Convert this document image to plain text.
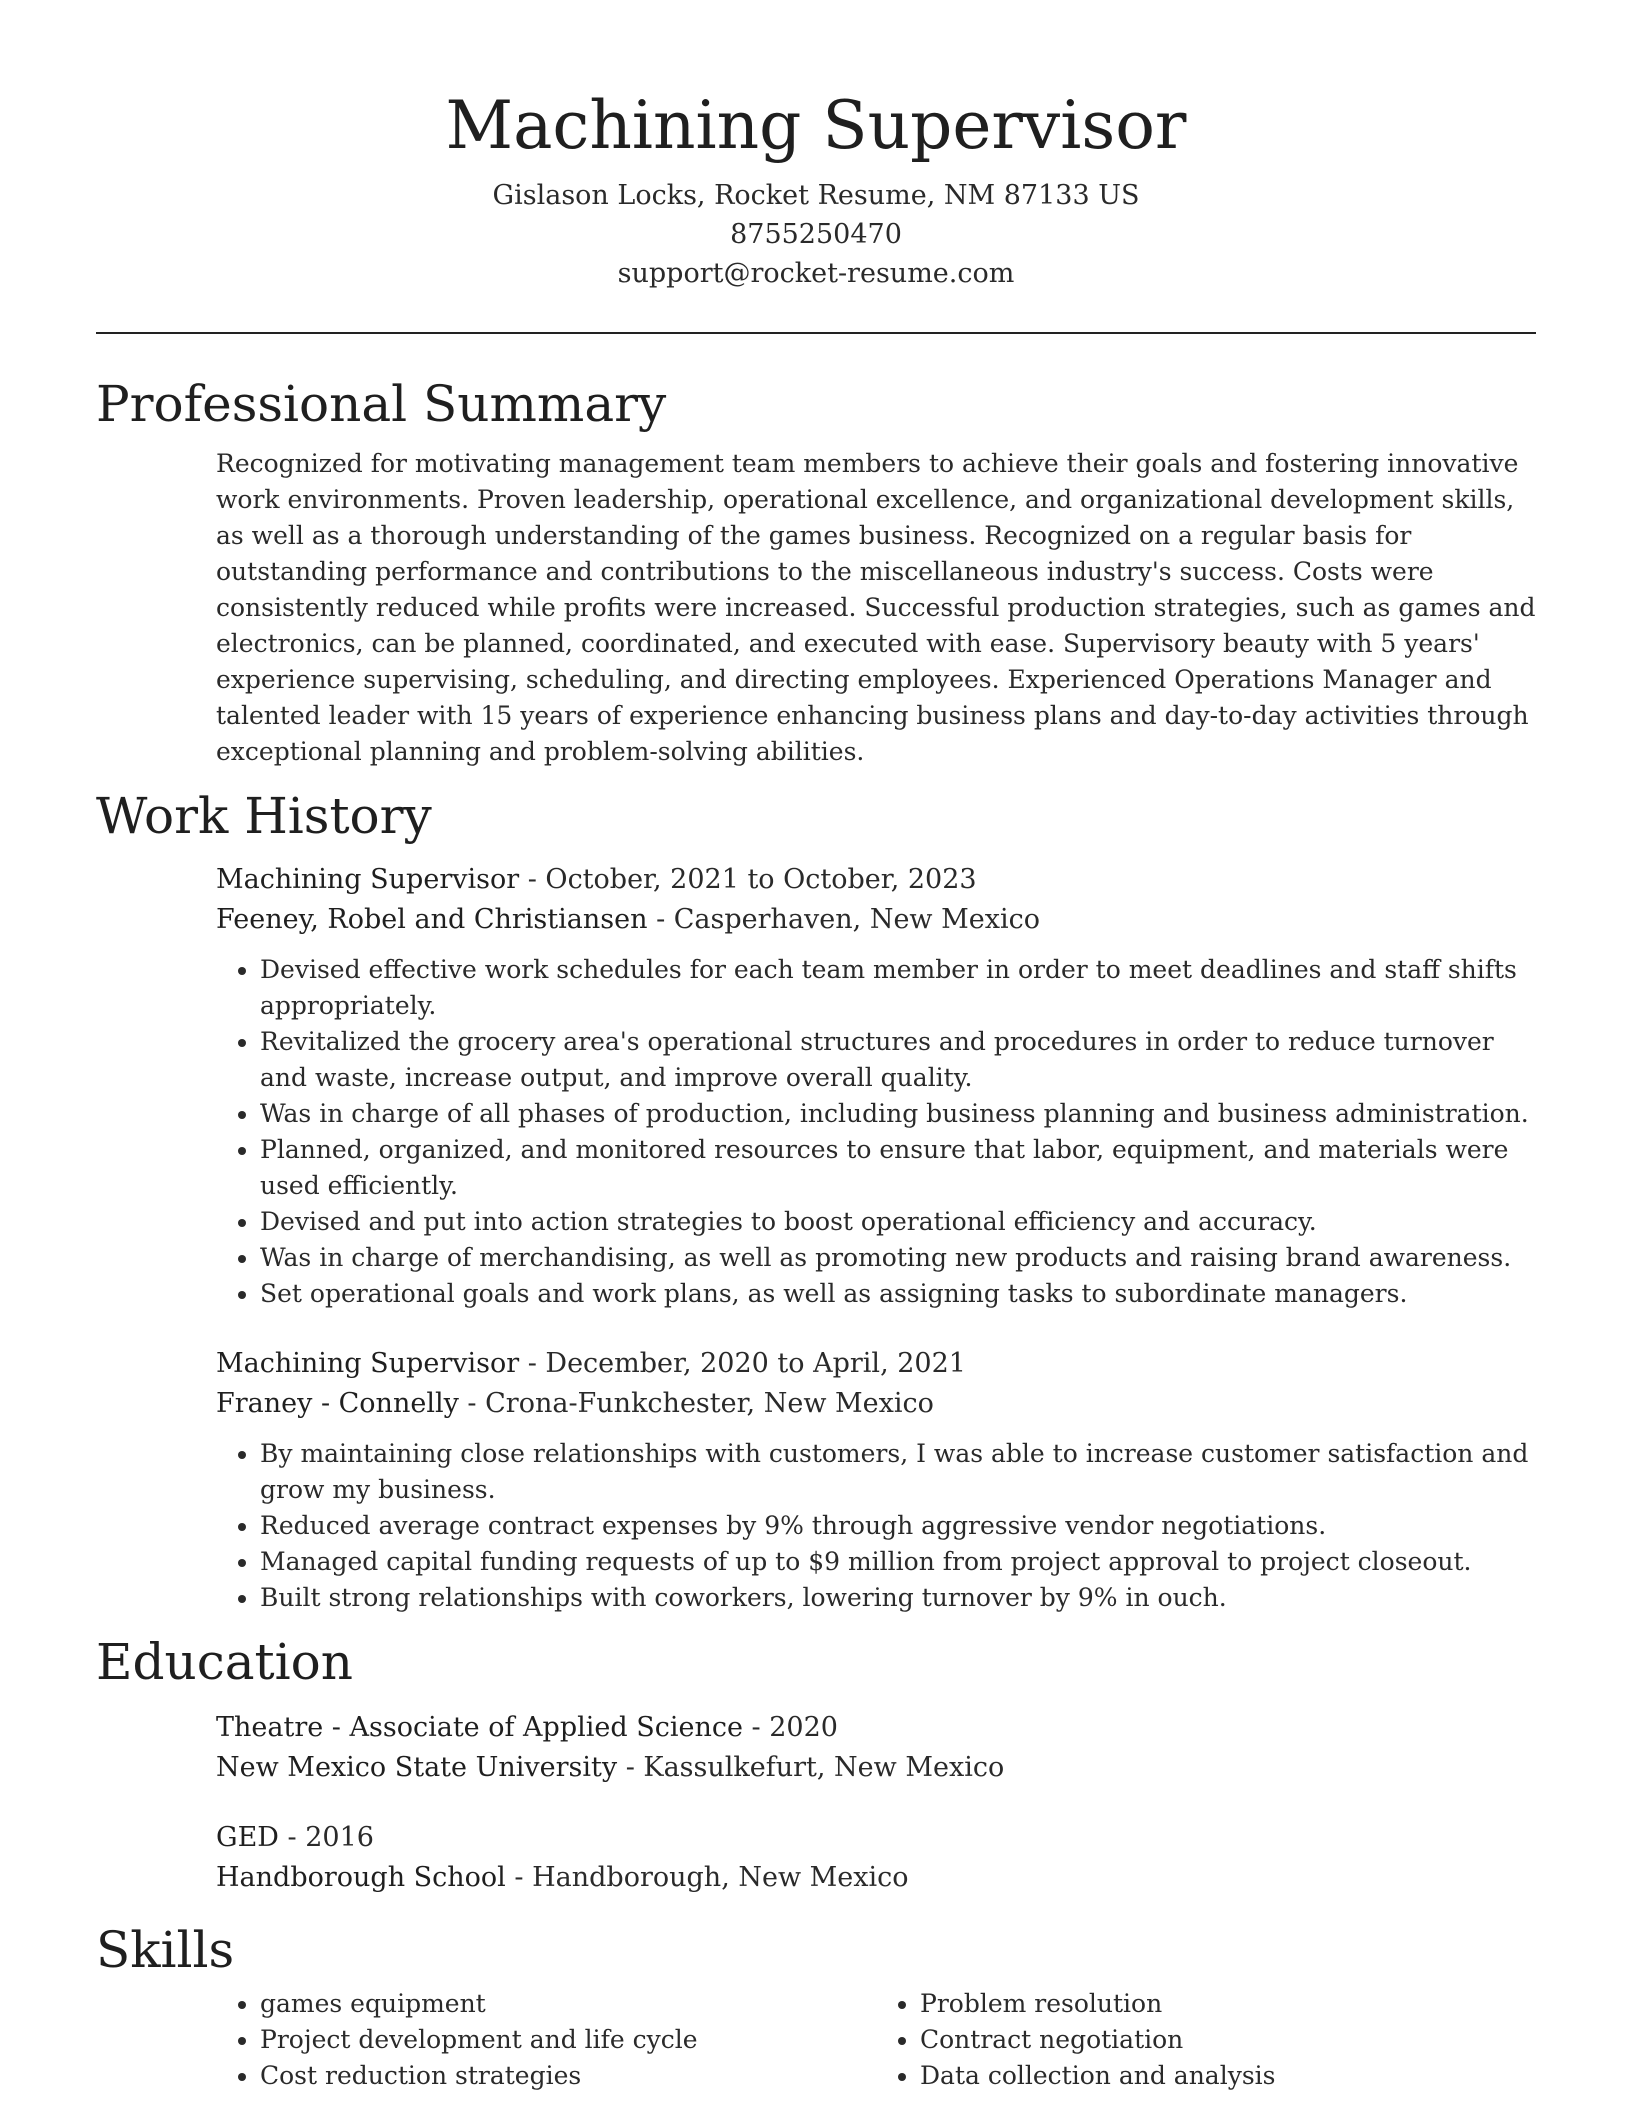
Machining Supervisor
Gislason Locks, Rocket Resume, NM 87133 US
8755250470
support@rocket-resume.com
Professional Summary

Recognized for motivating management team members to achieve their goals and fostering innovative work environments. Proven leadership, operational excellence, and organizational development skills, as well as a thorough understanding of the games business. Recognized on a regular basis for outstanding performance and contributions to the miscellaneous industry's success. Costs were consistently reduced while profits were increased. Successful production strategies, such as games and electronics, can be planned, coordinated, and executed with ease. Supervisory beauty with 5 years' experience supervising, scheduling, and directing employees. Experienced Operations Manager and talented leader with 15 years of experience enhancing business plans and day-to-day activities through exceptional planning and problem-solving abilities.

Work History
Machining Supervisor - October, 2021 to October, 2023
Feeney, Robel and Christiansen - Casperhaven, New Mexico
• Devised effective work schedules for each team member in order to meet deadlines and staff shifts appropriately.
• Revitalized the grocery area's operational structures and procedures in order to reduce turnover and waste, increase output, and improve overall quality.
• Was in charge of all phases of production, including business planning and business administration.
• Planned, organized, and monitored resources to ensure that labor, equipment, and materials were used efficiently.
• Devised and put into action strategies to boost operational efficiency and accuracy.
• Was in charge of merchandising, as well as promoting new products and raising brand awareness.
• Set operational goals and work plans, as well as assigning tasks to subordinate managers.
Machining Supervisor - December, 2020 to April, 2021
Franey - Connelly - Crona-Funkchester, New Mexico
• By maintaining close relationships with customers, I was able to increase customer satisfaction and grow my business.
• Reduced average contract expenses by 9% through aggressive vendor negotiations.
• Managed capital funding requests of up to $9 million from project approval to project closeout.
• Built strong relationships with coworkers, lowering turnover by 9% in ouch.
Education
Theatre - Associate of Applied Science - 2020
New Mexico State University - Kassulkefurt, New Mexico
GED - 2016
Handborough School - Handborough, New Mexico
Skills
• games equipment
• Project development and life cycle
• Cost reduction strategies
• Problem resolution
• Contract negotiation
• Data collection and analysis
